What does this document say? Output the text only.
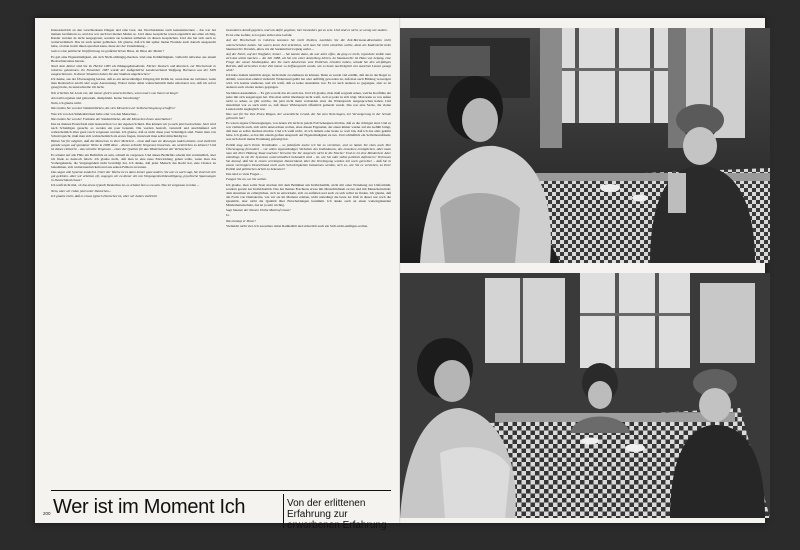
Interessierbich an den verschiedenen Dingen und eine Lust, das Verschiedenste auch kennenzulernen – das war bei meinen Großeltern so, und das war auch bei meiner Mutter so. Und diese Gespräche waren eigentlich uns allen wichtig. Kinder wurden da nicht ausgegrenzt, sondern sie konnten teilhaben an diesen Gesprächen. Und das hat sich auch so weitervermittelt. Das ist auch später geblieben. Ich glaube, daß ich mit später meine Freunde auch danach ausgesucht habe, ob man in mit ihnen sprechen kann, diese Art der Unterhaltung ...

Gab es eine politische Verpflichtung im großelterlichen Haus, im Haus der Mutter?

Es gab eine Eigenständigkeit, ein sich Nicht-abhängig-machen. Und eine Kritikfähigkeit, vielleicht teilweise aus einem Beobachterstatus heraus.

Nach dem Abitur sind Sie im Herbst 1983 als Pädagogikstudentin, Fächer Deutsch und Russisch, zur Hochschule in Güstrow gekommen. Im November 1987 wurde der maßgebliche Landesverband Wolfgang Bormann aus der SPD ausgeschlossen. In dieser Situation haben Sie das Studium abgebrochen?

Ich denke, aus der Überzeugung heraus, daß es ein unverständiger Umgang mit Kritik ist, wenn man sie verbietet, wenn man Redeverbot erteilt oder sogar Ausweisung. Wobei vieles dabei wahrscheinlich mehr emotional war, daß ich sofort gesagt habe, da unterschreibe ich nicht.

Wie erhielten Sie Leute ein, die immer gleich unterschreiben, wenn man's von ihnen verlangt?

Als treibt ergeben und gehorsam, disziplinärt. Keine Verachtung?

Nein, ich glaube nicht.

Was halten Sie von den Sündenblöcken, die sich Menschen zur Selbstverleugnung schaffen?

Was ich von den Sündenblöcken halte oder von den Menschen...

Was halten Sie von der Funktion der Sündenblöcke, die die Menschen ihnen unterhalten?

Das ist meinen Ersatzform zum Ausweichen vor der eigenen Schuld. Das können wir ja auch jetzt beobachten. Jetzt wird nach Schuldigen gesucht, es werden ein paar benannt. Die werden bestraft, verurteilt und anschließend soll wahrscheinlich alles ganz rasch vergessen werden. Ich glaube, daß es nicht diese paar Schuldigen sind. Wenn man von Schuld spricht, muß man sich wahrscheinlich als erstes fragen, inwieweit man selbst mitschuldig ist.

Haben Sie für möglich, daß die Menschen in ihrer Mehrheit – ohne daß man sie deswegen tadeln könnte, und vielleicht gerade wegen auf spontaner Weise in 2008 diese – dieses schnelle Vergessen brauchen, um weiterleben zu können? Und ist dieses vielleicht – das schnelle Vergessen – einer der Quellen für das Wiederkehren der Verbrechen?

Es scheint auf alle Fälle ein Bedürfnis zu sein, schnell zu vergessen. Und dieses Bedürfnis scheint mir verständlich, aber ich finde es dennoch falsch. Ich glaube nicht, daß man in eine neue Entwicklung gehen sollte, wenn man das Vorhergehende, die Vergangenheit nicht bewältigt hat. Ich denke, daß jeder Mensch das Recht hat, eine Chance zu bekommen, sich weiterzuentwickeln und aus seinen Fehlern zu lernen.

Das sagen alle Systeme zunächst. Unter der Woche ist es dann immer ganz anders. Sie war es auch sagt, Sie sind mit sich gut gelebten. Aber wir arbeiten oft, wogegen wir zu dieser Art von Vergangenheitsbewältigung, psychische Spannungen in Deutschland etwas?

Ich weiß nicht mal, ob das etwas typisch Deutsches ist, es scheint fast so zu sein. Das ist vergessen worden ...

Nein, aber wir reden jetzt unter Deutschen...

Ich glaube nicht, daß es etwas typisch Deutsches ist, aber wir haben vielleicht

besonderen Anlaß gegeben, und uns dafür gegeben, hier besonders gut zu sein. Und sind es nicht, so wenig wie andere.

Es ist eine Gefahr, es ist ganz sicher eine Gefahr.

Auf der Hochschule in Güstrow kommen Sie nicht bleiben, nachdem Sie die Zeit-Bormann-Resolution nicht unterschrieben hatten. Sie waren kurze Zeit arbeitslos, weil man Sie nicht einstellen wollte, dann als Kaderstelle beim Staatsarchiv Dresden, dann, bis die Sozialarbeit Leipzig anbot ...

Auf der Fahrt, auf der Wegfahrt, immer ... Sie kamen dann, da war alles offen, da ging es nicht, irgendwie mußte man sich das selbst machen ... Ab Juli 1988, als Sie von einer Anstellung hörten, im Staatsarchiv im Haus von Leipzig, eine Frage der neuen Studienplatz, den Sie nach Abwischen vom Ehtlichen erhalten haben, sobald Sie den alt-fähigen Betrieb, daß nicht alles in der Zeit immer so hoffnungsvoll wurde, wie es heute nachträglich von manchen Leuten gesagt wird?

Ich habe damals natürlich Angst, nicht mehr zu studieren zu können. Denn es wurde viel erzählt, daß das in der Regel so abläuft, wenn man einmal vielleicht Widerstand geübt hat oder auffällig geworden ist, daß man auch Bildung verweigert wird. Ich konnte studieren, und ich weiß, daß es keine Ausnahme war. Es ist auch anderen so gegangen, aber es ist anderen auch wieder anders gegangen.

Sie hätten Ausnahmen ... Es gab sowohl das als auch das. Und ich glaube, man muß sorgsam sehen, welche Konflikte ein jeder mit sich ausgetragen hat. Was man selbst überhaupt nicht weiß, weil es jeder in sich trägt. Man kann es von außen nicht so sehen, es gibt welche, die jetzt nicht mehr vorhanden sind, die Widerspruch ausgesprochen haben. Und manchmal war es auch nicht so, daß dieser Widerspruch öffentlich gemacht wurde. Das war eine Sache, die vielen Leuten nicht zugänglich war.

Was war für Sie Ihre Prora Ringen, der wesentliche Grund, der Sie zum Nein-Sagen, zur Verweigerung in der Schule gebracht hat?

Es waren eigene Überzeugungen, von denen ich nicht in jedem Fall behaupten möchte, daß es die richtigen sind. Und es war vielleicht auch, sich nicht unterordnen wollen, eben diesen Eigensinn, der einen immer wieder auf ein Gefühl bringt, daß man es selbst machen möchte. Und ich weiß nicht, ob ich damals oder heute so weit bin, daß ich das alles geklärt habe. Ich glaube, es hat mit einem großen Anspruch auf Eigenständigkeit zu tun. Und schließlich ein Selbstbewußtsein, was sich durch meine Erziehung gefestigt hat.

Politik mag auch Ihrem Verständnis – so jedenfalls meine ich Sie zu verstehen, und so haben Sie eben auch Ihre Überzeugung formuliert – vor allem eigenständiges Verhalten des Individuums, des einzelnen ermöglichen. Aber kann man mit Ihrer Haltung Staat machen? Verweist Sie Ihr Anspruch nicht in die Nische? Und es ist eine Minderheit. Aber allerdings ist ein Ihr Systemen unterschiedlich behandelt wird – ist, wie Sie oder selbst politisch definieren? Vertrauen Sie darauf, daß Sie in einem vereinigten Deutschland, über die Vereinigung werden mit noch gerechter – daß Sie in einem vereinigten Deutschland nicht auch Schwierigkeiten bekommen werden, sich so, wie Sie es verstehen, zu Ihrer Politik und politischen Arbeit zu bekennen?

Das sind so viele Fragen ...

Fangen Sie an, wo Sie wollen.

Ich glaube, man sollte Staat machen mit dem Bemühen um Individualität, nicht mit einer Erziehung zur Uniformität, sondern gerade zur Individualität. Das hat meines Erachtens etwas mit Menschlichkeit zu tun und mit Menschenwürde: dem einzelnen zu ermöglichen, sich zu entwickeln, sich zu entfalten und auch zu sich selbst zu finden. Ich glaube, daß die Form von Demokratie, wie wir sie im Moment erleben, nicht unbedingt die beste ist. Daß in dieser nur noch die Quantität, aber nicht die Qualität über Entscheidungen bestimmt. Ich denke auch an einen weitestgehenden Minderheitenschutz, das ist ja sehr wichtig.

Sagt Staaten der Namen Ulrike Meinhof etwas?

Ja.

Was bezeigt er Ihnen?

Vielleicht nicht viel. Ich assoziiere dabei Radikalität und sicherlich auch ein Sich-nicht-einfügen-wollen.

Wer ist im Moment Ich	Von der erlittenen Erfahrung zur erworbenen Erfahrung
200
